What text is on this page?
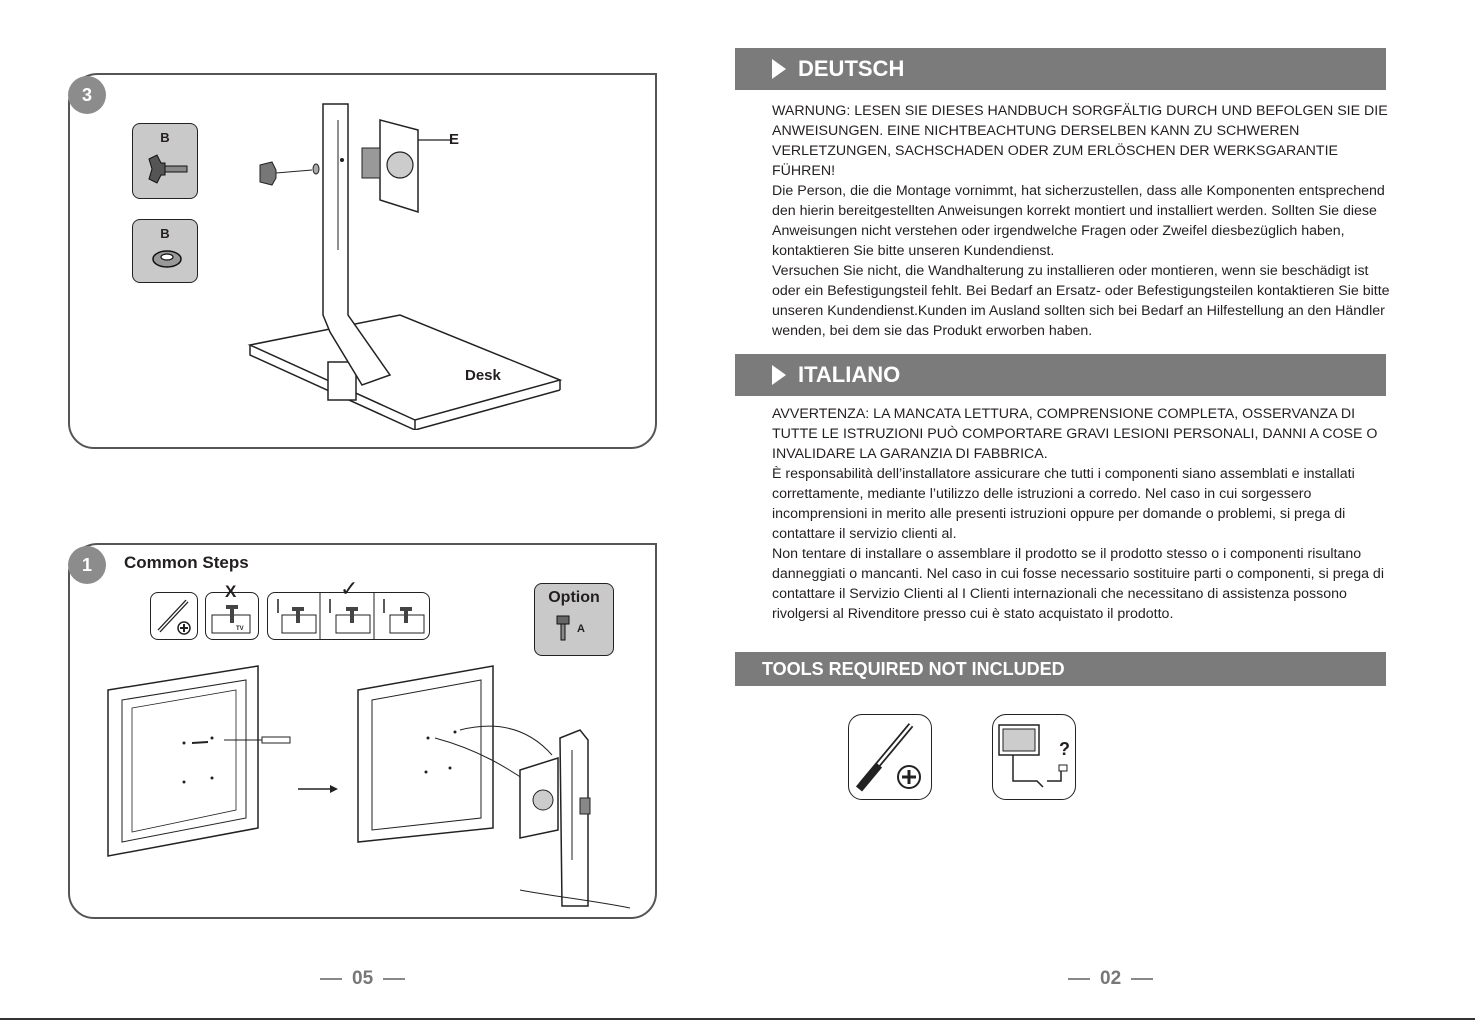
3
B
B
E
Desk
1	Common Steps
X
TV
✓	Option
A
05
DEUTSCH

WARNUNG: LESEN SIE DIESES HANDBUCH SORGFÄLTIG DURCH UND BEFOLGEN SIE DIE ANWEISUNGEN. EINE NICHTBEACHTUNG DERSELBEN KANN ZU SCHWEREN VERLETZUNGEN, SACHSCHADEN ODER ZUM ERLÖSCHEN DER WERKSGARANTIE FÜHREN!

Die Person, die die Montage vornimmt, hat sicherzustellen, dass alle Komponenten entsprechend den hierin bereitgestellten Anweisungen korrekt montiert und installiert werden. Sollten Sie diese Anweisungen nicht verstehen oder irgendwelche Fragen oder Zweifel diesbezüglich haben, kontaktieren Sie bitte unseren Kundendienst.

Versuchen Sie nicht, die Wandhalterung zu installieren oder montieren, wenn sie beschädigt ist oder ein Befestigungsteil fehlt. Bei Bedarf an Ersatz- oder Befestigungsteilen kontaktieren Sie bitte unseren Kundendienst.Kunden im Ausland sollten sich bei Bedarf an Hilfestellung an den Händler wenden, bei dem sie das Produkt erworben haben.

ITALIANO

AVVERTENZA: LA MANCATA LETTURA, COMPRENSIONE COMPLETA, OSSERVANZA DI TUTTE LE ISTRUZIONI PUÒ COMPORTARE GRAVI LESIONI PERSONALI, DANNI A COSE O INVALIDARE LA GARANZIA DI FABBRICA.

È responsabilità dell’installatore assicurare che tutti i componenti siano assemblati e installati correttamente, mediante l’utilizzo delle istruzioni a corredo. Nel caso in cui sorgessero incomprensioni in merito alle presenti istruzioni oppure per domande o problemi, si prega di contattare il servizio clienti al.

Non tentare di installare o assemblare il prodotto se il prodotto stesso o i componenti risultano danneggiati o mancanti. Nel caso in cui fosse necessario sostituire parti o componenti, si prega di contattare il Servizio Clienti al I Clienti internazionali che necessitano di assistenza possono rivolgersi al Rivenditore presso cui è stato acquistato il prodotto.

TOOLS REQUIRED NOT INCLUDED
?
02
